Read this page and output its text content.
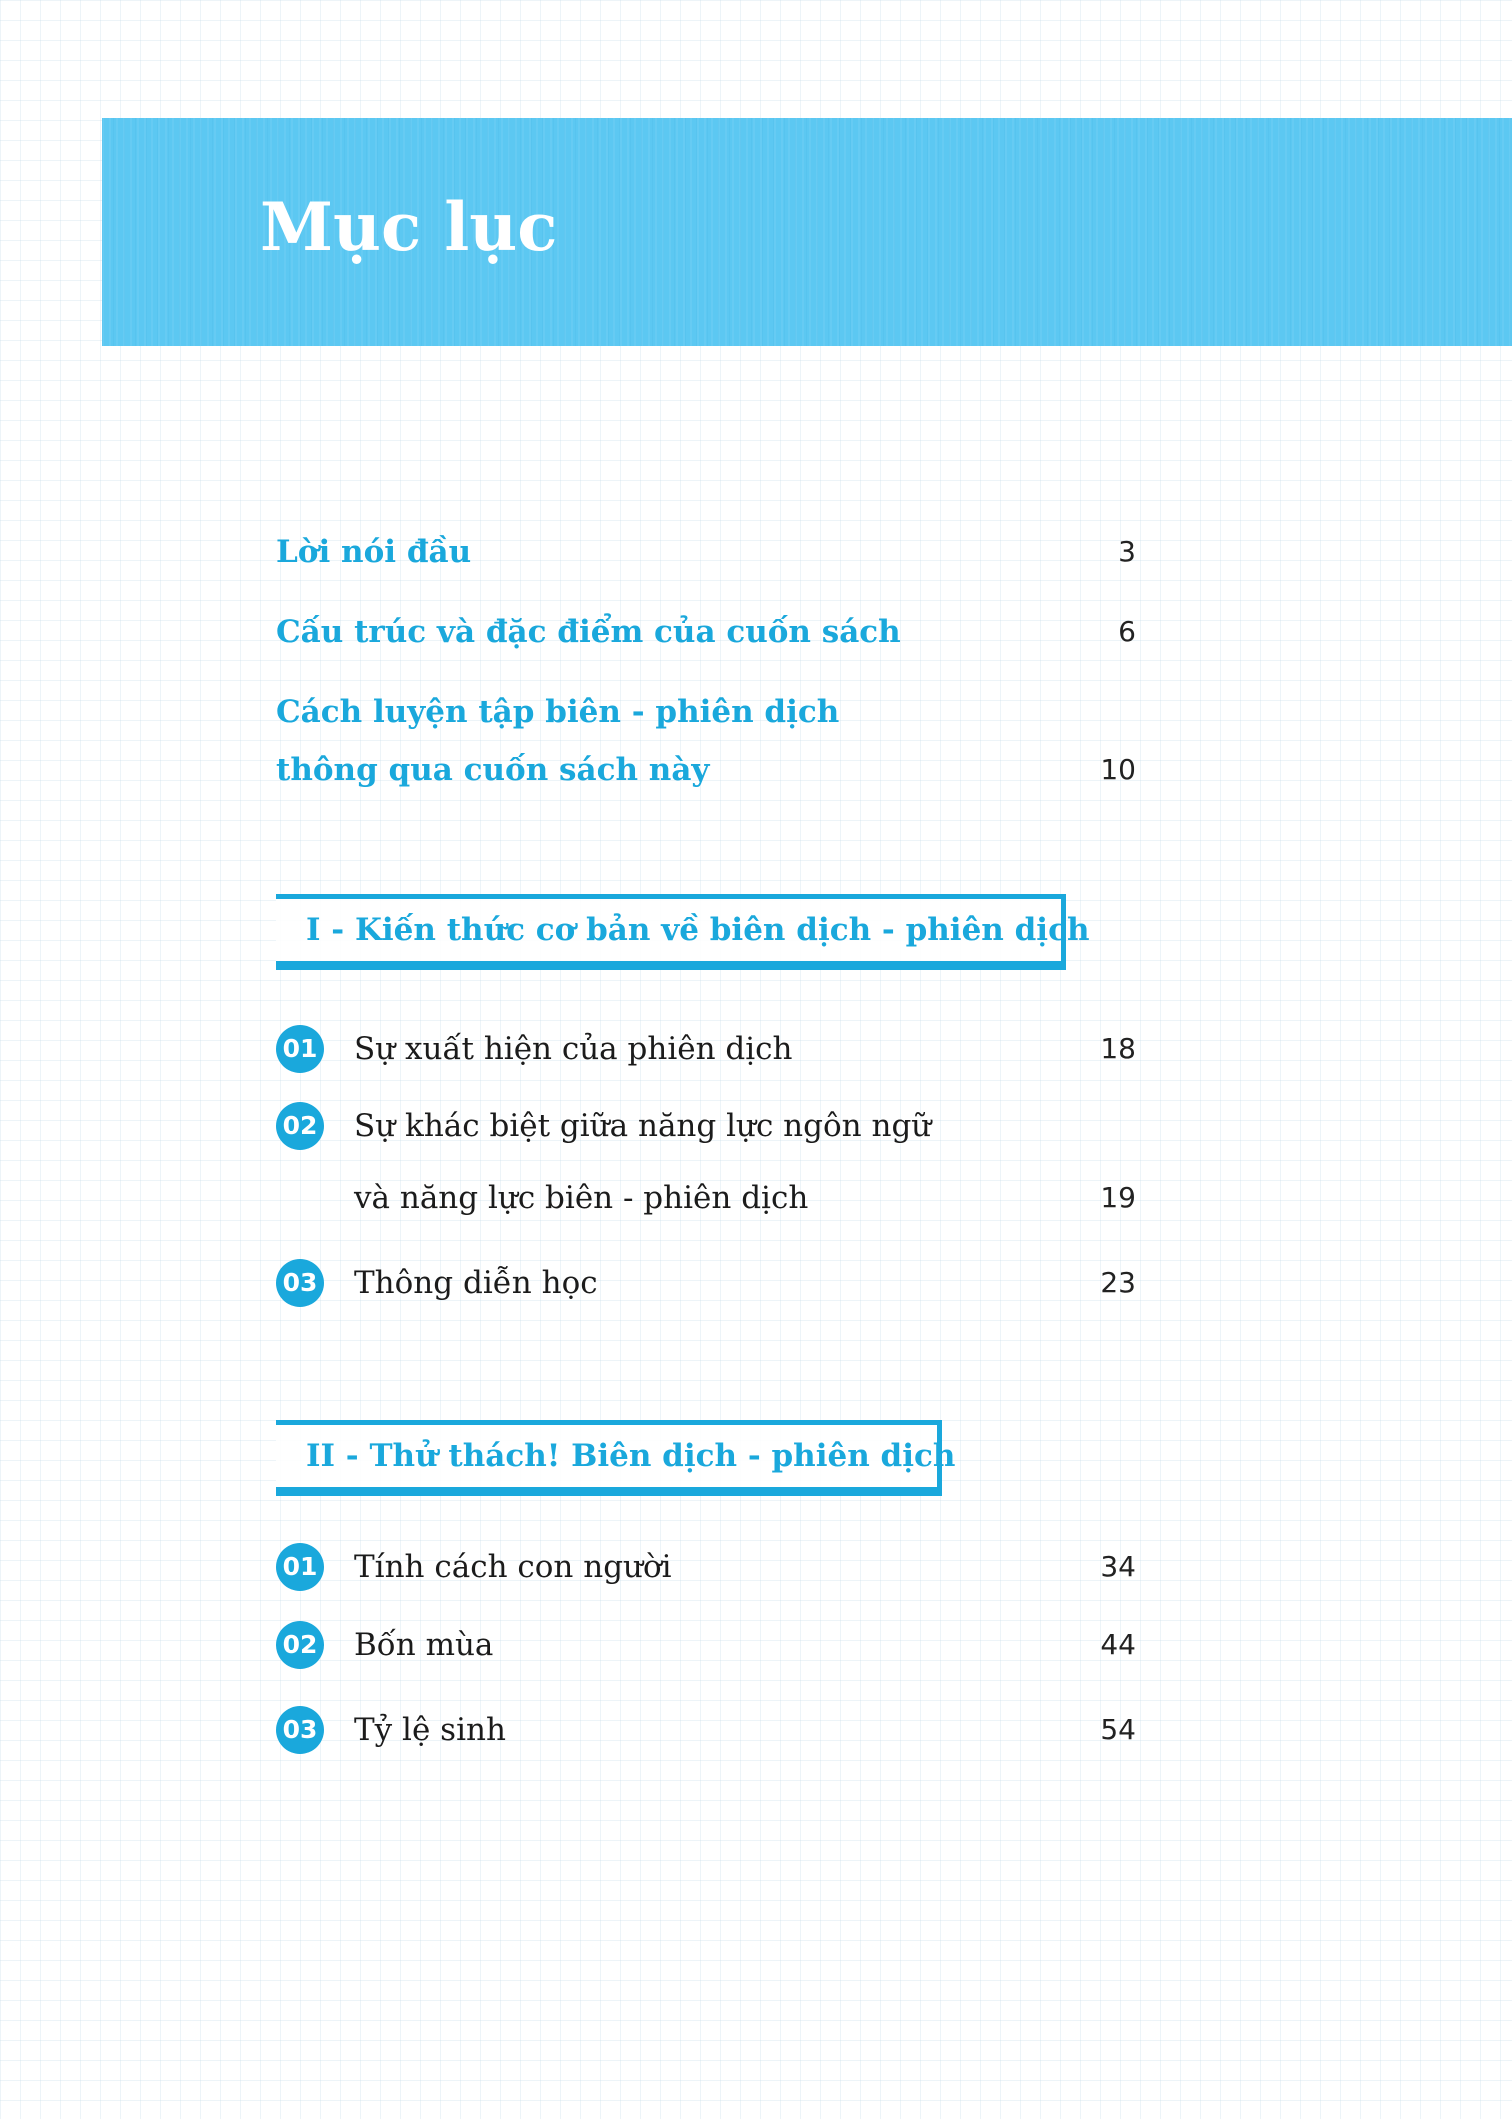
Mục lục
Lời nói đầu	3
Cấu trúc và đặc điểm của cuốn sách	6
Cách luyện tập biên - phiên dịch
thông qua cuốn sách này	10
I - Kiến thức cơ bản về biên dịch - phiên dịch
01 Sự xuất hiện của phiên dịch	18
02 Sự khác biệt giữa năng lực ngôn ngữ
và năng lực biên - phiên dịch	19
03 Thông diễn học	23
II - Thử thách! Biên dịch - phiên dịch
01 Tính cách con người	34
02 Bốn mùa	44
03 Tỷ lệ sinh	54
